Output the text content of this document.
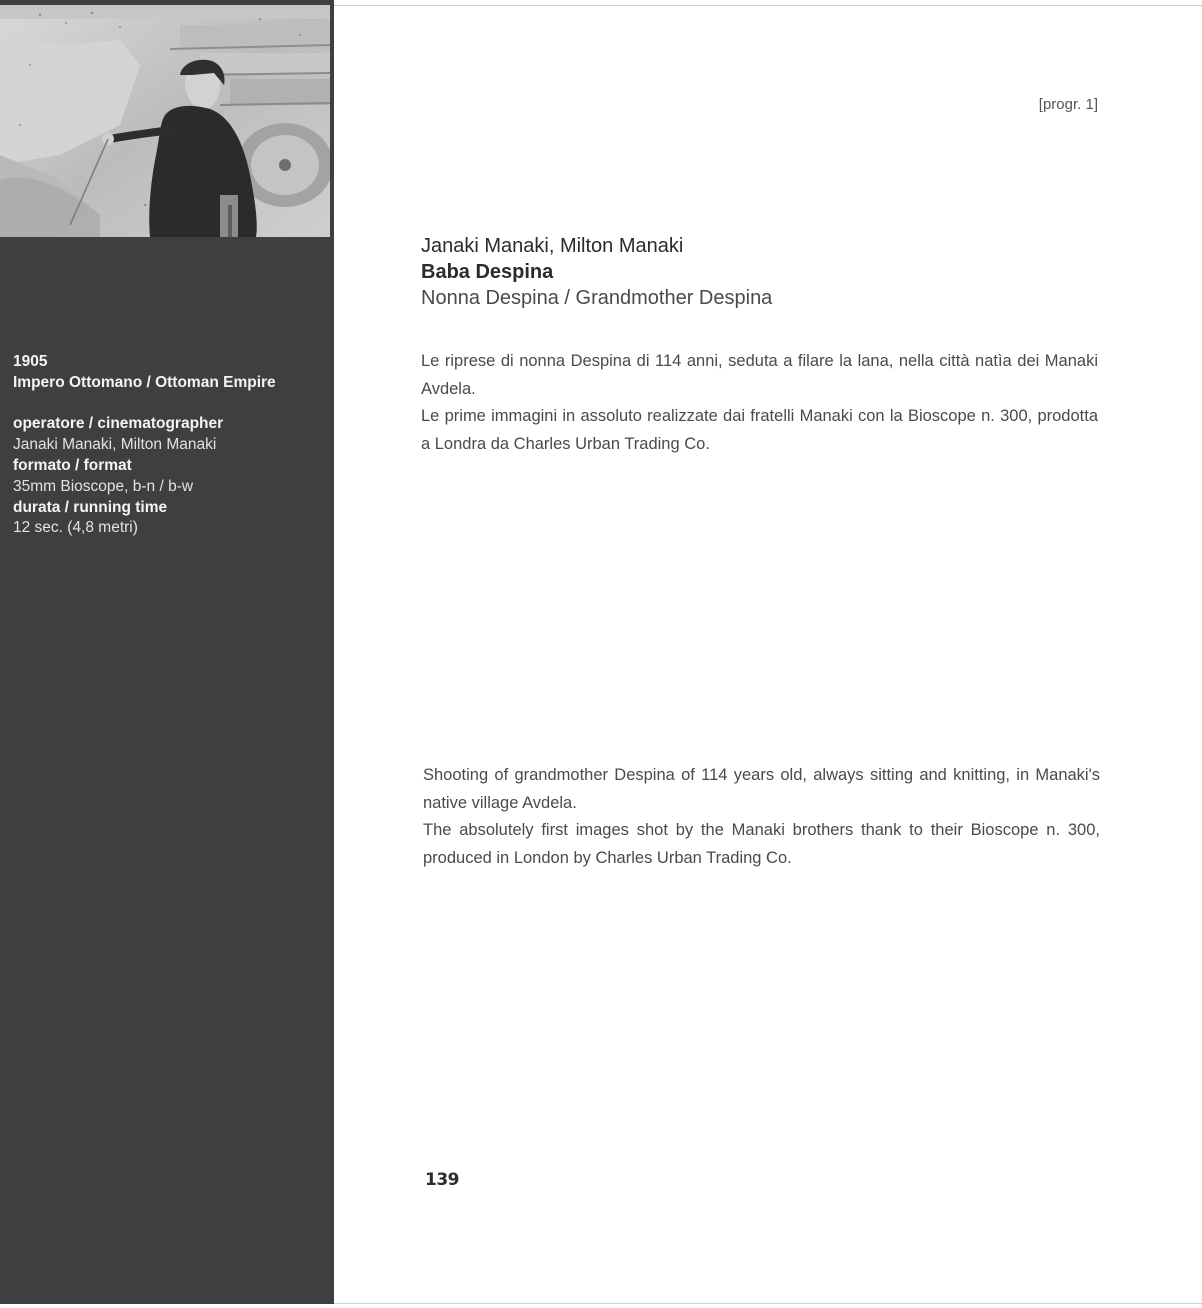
1905
Impero Ottomano / Ottoman Empire
operatore / cinematographer
Janaki Manaki, Milton Manaki
formato / format
35mm Bioscope, b-n / b-w
durata / running time
12 sec. (4,8 metri)
[progr. 1]
Janaki Manaki, Milton Manaki
Baba Despina
Nonna Despina / Grandmother Despina

Le riprese di nonna Despina di 114 anni, seduta a filare la lana, nella città natìa dei Manaki Avdela.

Le prime immagini in assoluto realizzate dai fratelli Manaki con la Bioscope n. 300, prodotta a Londra da Charles Urban Trading Co.

Shooting of grandmother Despina of 114 years old, always sitting and knitting, in Manaki's native village Avdela.

The absolutely first images shot by the Manaki brothers thank to their Bioscope n. 300, produced in London by Charles Urban Trading Co.

139
